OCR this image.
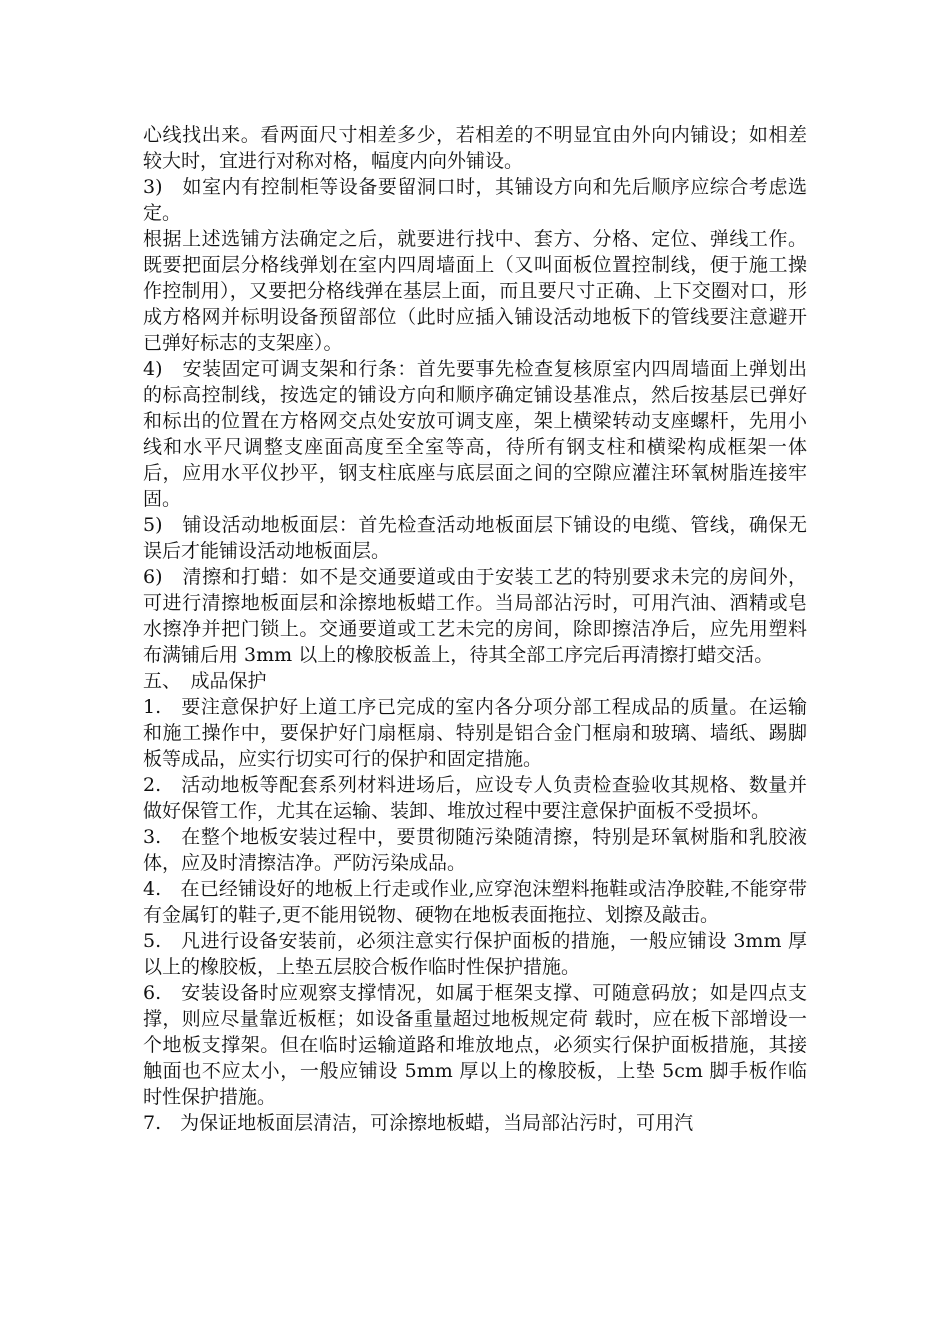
心线找出来。看两面尺寸相差多少，若相差的不明显宜由外向内铺设；如相差较大时，宜进行对称对格，幅度内向外铺设。

3)　如室内有控制柜等设备要留洞口时，其铺设方向和先后顺序应综合考虑选定。

根据上述选铺方法确定之后，就要进行找中、套方、分格、定位、弹线工作。既要把面层分格线弹划在室内四周墙面上（又叫面板位置控制线，便于施工操作控制用），又要把分格线弹在基层上面，而且要尺寸正确、上下交圈对口，形成方格网并标明设备预留部位（此时应插入铺设活动地板下的管线要注意避开已弹好标志的支架座）。

4)　安装固定可调支架和行条：首先要事先检查复核原室内四周墙面上弹划出的标高控制线，按选定的铺设方向和顺序确定铺设基准点，然后按基层已弹好和标出的位置在方格网交点处安放可调支座，架上横梁转动支座螺杆，先用小线和水平尺调整支座面高度至全室等高，待所有钢支柱和横梁构成框架一体后，应用水平仪抄平，钢支柱底座与底层面之间的空隙应灌注环氧树脂连接牢固。

5)　铺设活动地板面层：首先检查活动地板面层下铺设的电缆、管线，确保无误后才能铺设活动地板面层。

6)　清擦和打蜡：如不是交通要道或由于安装工艺的特别要求未完的房间外，可进行清擦地板面层和涂擦地板蜡工作。当局部沾污时，可用汽油、酒精或皂水擦净并把门锁上。交通要道或工艺未完的房间，除即擦洁净后，应先用塑料布满铺后用 3mm 以上的橡胶板盖上，待其全部工序完后再清擦打蜡交活。

五、　成品保护

1.　要注意保护好上道工序已完成的室内各分项分部工程成品的质量。在运输和施工操作中，要保护好门扇框扇、特别是铝合金门框扇和玻璃、墙纸、踢脚板等成品，应实行切实可行的保护和固定措施。

2.　活动地板等配套系列材料进场后，应设专人负责检查验收其规格、数量并做好保管工作，尤其在运输、装卸、堆放过程中要注意保护面板不受损坏。

3.　在整个地板安装过程中，要贯彻随污染随清擦，特别是环氧树脂和乳胶液体，应及时清擦洁净。严防污染成品。

4.　在已经铺设好的地板上行走或作业,应穿泡沫塑料拖鞋或洁净胶鞋,不能穿带有金属钉的鞋子,更不能用锐物、硬物在地板表面拖拉、划擦及敲击。

5.　凡进行设备安装前，必须注意实行保护面板的措施，一般应铺设 3mm 厚以上的橡胶板，上垫五层胶合板作临时性保护措施。

6.　安装设备时应观察支撑情况，如属于框架支撑、可随意码放；如是四点支撑，则应尽量靠近板框；如设备重量超过地板规定荷 载时，应在板下部增设一个地板支撑架。但在临时运输道路和堆放地点，必须实行保护面板措施，其接触面也不应太小，一般应铺设 5mm 厚以上的橡胶板，上垫 5cm 脚手板作临时性保护措施。

7.　为保证地板面层清洁，可涂擦地板蜡，当局部沾污时，可用汽
